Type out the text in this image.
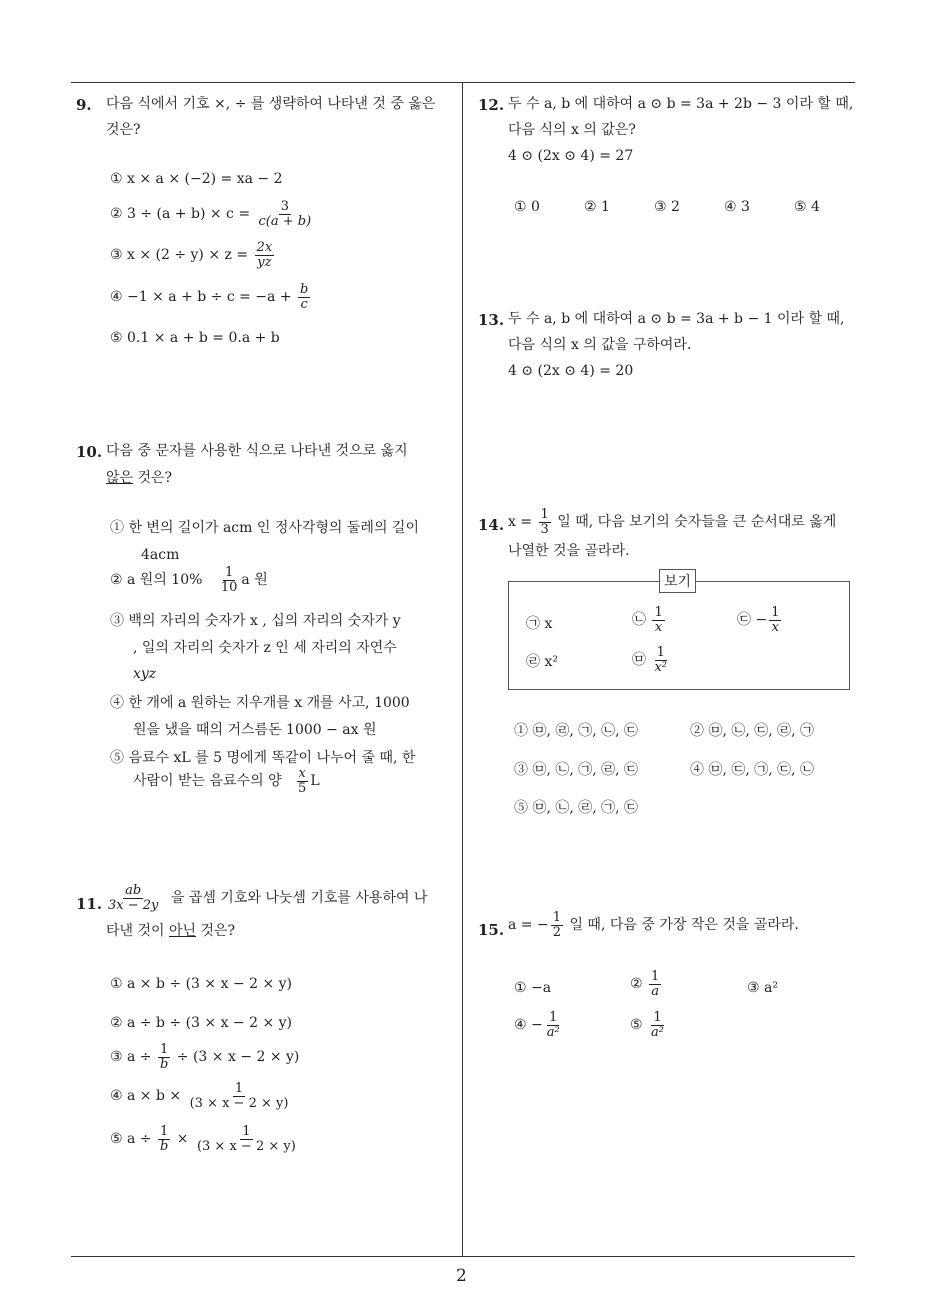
2
9. 다음 식에서 기호 ×, ÷ 를 생략하여 나타낸 것 중 옳은
것은?
① x × a × (−2) = xa − 2
② $3 \div (a + b) \times c = \frac{3}{c(a + b)}$
③ $x \times (2 \div y) \times z = \frac{2x}{yz}$
④ $-1 \times a + b \div c = -a + \frac{b}{c}$
⑤ 0.1 × a + b = 0.a + b
10. 다음 중 문자를 사용한 식으로 나타낸 것으로 옳지
않은 것은?
① 한 변의 길이가 acm 인 정사각형의 둘레의 길이
4acm
② a 원의 $10\% \frac{1}{10}$ a 원
③ 백의 자리의 숫자가 x , 십의 자리의 숫자가 y
, 일의 자리의 숫자가 z 인 세 자리의 자연수
xyz
④ 한 개에 a 원하는 지우개를 x 개를 사고, 1000
원을 냈을 때의 거스름돈 1000 − ax 원
⑤ 음료수 xL 를 5 명에게 똑같이 나누어 줄 때, 한
사람이 받는 음료수의 양 $\frac{x}{5}$ L
11. $\frac{ab}{3x - 2y}$ 을 곱셈 기호와 나눗셈 기호를 사용하여 나
타낸 것이 아닌 것은?
① a × b ÷ (3 × x − 2 × y)
② a ÷ b ÷ (3 × x − 2 × y)
③ $a \div \frac{1}{b} \div (3 \times x - 2 \times y)$
④ $a \times b \times \frac{1}{(3 \times x - 2 \times y)}$
⑤ $a \div \frac{1}{b} \times \frac{1}{(3 \times x - 2 \times y)}$
12. 두 수 a, b 에 대하여 a ⊙ b = 3a + 2b − 3 이라 할 때,
다음 식의 x 의 값은?
4 ⊙ (2x ⊙ 4) = 27
① 0	② 1	③ 2	④ 3	⑤ 4
13. 두 수 a, b 에 대하여 a ⊙ b = 3a + b − 1 이라 할 때,
다음 식의 x 의 값을 구하여라.
4 ⊙ (2x ⊙ 4) = 20
14. $x = \frac{1}{3}$ 일 때, 다음 보기의 숫자들을 큰 순서대로 옳게
나열한 것을 골라라.
보기
㉠ x	㉡ $\frac{1}{x}$	㉢ − $\frac{1}{x}$
㉣ x²	㉤ $\frac{1}{\text{x²}}$
① ㉤, ㉣, ㉠, ㉡, ㉢	② ㉤, ㉡, ㉢, ㉣, ㉠
③ ㉤, ㉡, ㉠, ㉣, ㉢	④ ㉤, ㉢, ㉠, ㉢, ㉡
⑤ ㉤, ㉡, ㉣, ㉠, ㉢
15. a = − $\frac{1}{2}$ 일 때, 다음 중 가장 작은 것을 골라라.
① −a	② $\frac{1}{a}$	③ a²
④ − $\frac{1}{\text{a²}}$	⑤ $\frac{1}{\text{a²}}$
